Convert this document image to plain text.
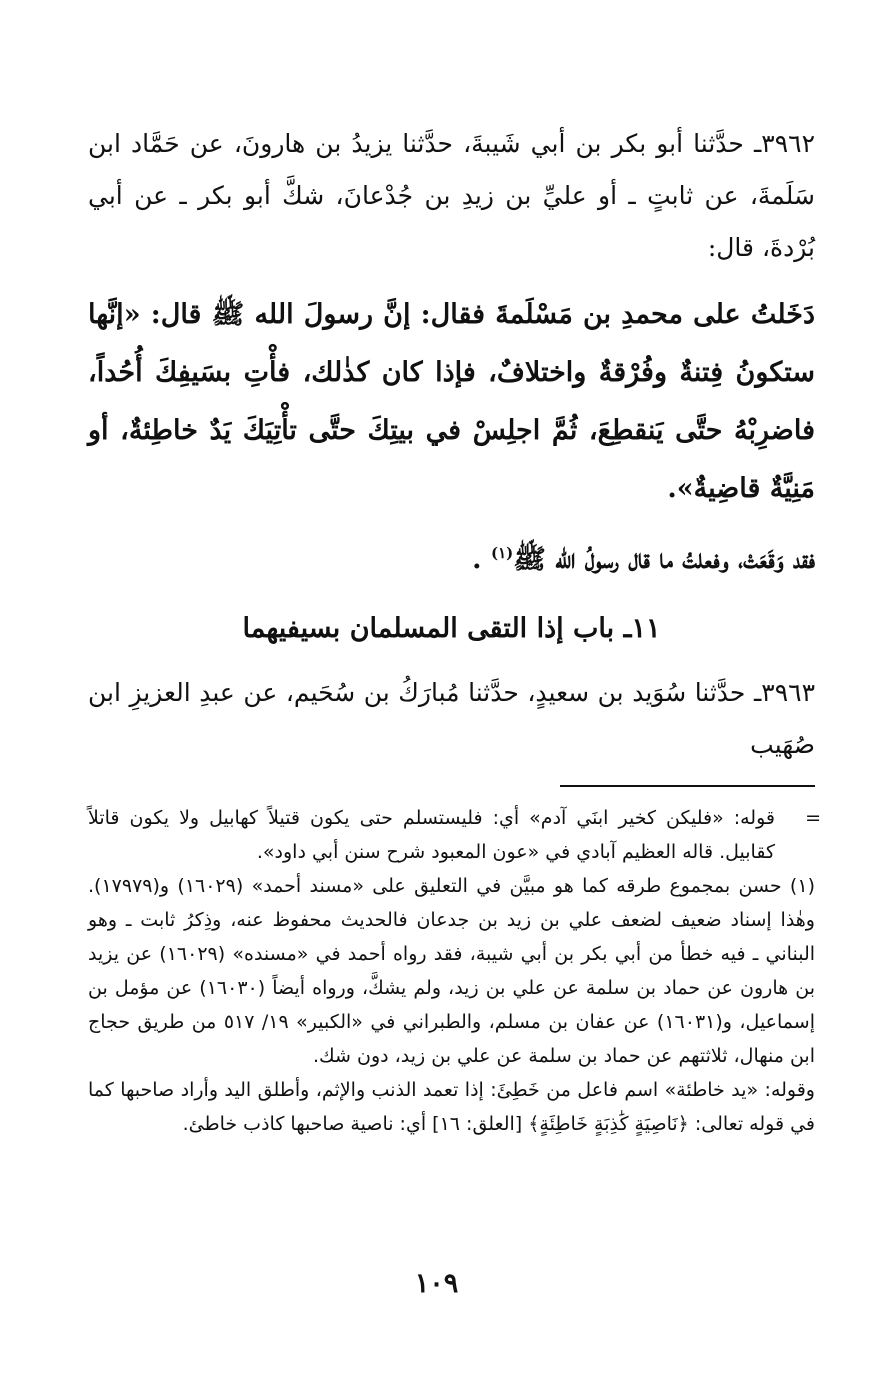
٣٩٦٢ـ حدَّثنا أبو بكر بن أبي شَيبةَ، حدَّثنا يزيدُ بن هارونَ، عن حَمَّاد ابن سَلَمةَ، عن ثابتٍ ـ أو عليِّ بن زيدِ بن جُدْعانَ، شكَّ أبو بكر ـ عن أبي بُرْدةَ، قال:

دَخَلتُ على محمدِ بن مَسْلَمةَ فقال: إنَّ رسولَ الله ﷺ قال: «إنَّها ستكونُ فِتنةٌ وفُرْقةٌ واختلافٌ، فإذا كان كذٰلك، فأْتِ بسَيفِكَ أُحُداً، فاضرِبْهُ حتَّى يَنقطِعَ، ثُمَّ اجلِسْ في بيتِكَ حتَّى تأْتِيَكَ يَدٌ خاطِئةٌ، أو مَنِيَّةٌ قاضِيةٌ».

فقد وَقَعَتْ، وفعلتُ ما قال رسولُ الله ﷺ$^{(١)}$ .

١١ـ باب إذا التقى المسلمان بسيفيهما

٣٩٦٣ـ حدَّثنا سُوَيد بن سعيدٍ، حدَّثنا مُبارَكُ بن سُحَيم، عن عبدِ العزيزِ ابن صُهَيب

=
قوله: «فليكن كخير ابنَي آدم» أي: فليستسلم حتى يكون قتيلاً كهابيل ولا يكون قاتلاً كقابيل. قاله العظيم آبادي في «عون المعبود شرح سنن أبي داود».

(١) حسن بمجموع طرقه كما هو مبيَّن في التعليق على «مسند أحمد» (١٦٠٢٩) و(١٧٩٧٩). وهٰذا إسناد ضعيف لضعف علي بن زيد بن جدعان فالحديث محفوظ عنه، وذِكرُ ثابت ـ وهو البناني ـ فيه خطأ من أبي بكر بن أبي شيبة، فقد رواه أحمد في «مسنده» (١٦٠٢٩) عن يزيد بن هارون عن حماد بن سلمة عن علي بن زيد، ولم يشكَّ، ورواه أيضاً (١٦٠٣٠) عن مؤمل بن إسماعيل، و(١٦٠٣١) عن عفان بن مسلم، والطبراني في «الكبير» ١٩/ ٥١٧ من طريق حجاج ابن منهال، ثلاثتهم عن حماد بن سلمة عن علي بن زيد، دون شك.

وقوله: «يد خاطئة» اسم فاعل من خَطِئَ: إذا تعمد الذنب والإثم، وأطلق اليد وأراد صاحبها كما في قوله تعالى: ﴿نَاصِيَةٍ كَٰذِبَةٍ خَاطِئَةٍ﴾ [العلق: ١٦] أي: ناصية صاحبها كاذب خاطئ.

١٠٩
